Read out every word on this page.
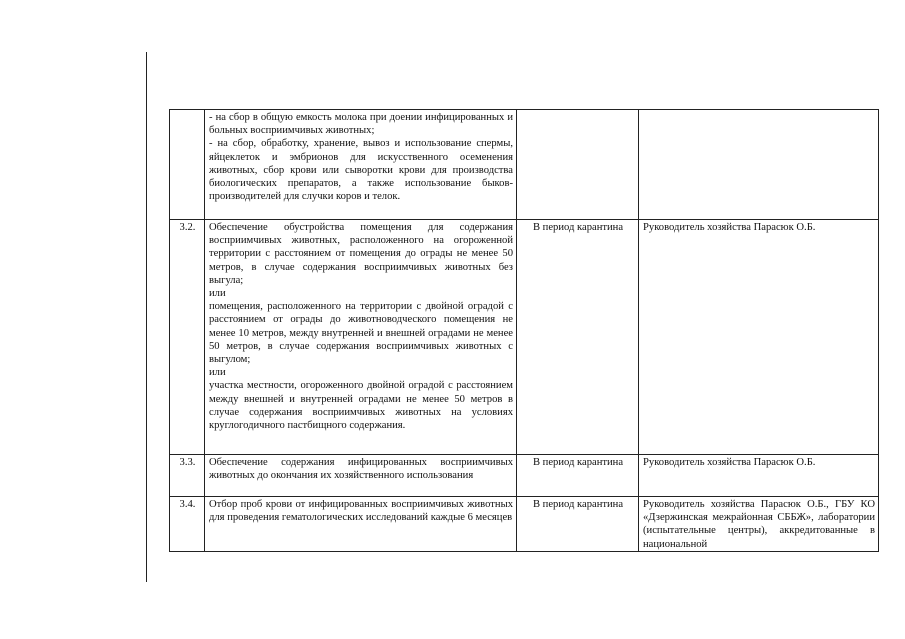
	- на сбор в общую емкость молока при доении инфицированных и больных восприимчивых животных;
- на сбор, обработку, хранение, вывоз и использование спермы, яйцеклеток и эмбрионов для искусственного осеменения животных, сбор крови или сыворотки крови для производства биологических препаратов, а также использование быков-производителей для случки коров и телок.		

3.2.	Обеспечение обустройства помещения для содержания восприимчивых животных, расположенного на огороженной территории с расстоянием от помещения до ограды не менее 50 метров, в случае содержания восприимчивых животных без выгула;
или
помещения, расположенного на территории с двойной оградой с расстоянием от ограды до животноводческого помещения не менее 10 метров, между внутренней и внешней оградами не менее 50 метров, в случае содержания восприимчивых животных с выгулом;
или
участка местности, огороженного двойной оградой с расстоянием между внешней и внутренней оградами не менее 50 метров в случае содержания восприимчивых животных на условиях круглогодичного пастбищного содержания.	В период карантина	Руководитель хозяйства Парасюк О.Б.
3.3.	Обеспечение содержания инфицированных восприимчивых животных до окончания их хозяйственного использования	В период карантина	Руководитель хозяйства Парасюк О.Б.
3.4.	Отбор проб крови от инфицированных восприимчивых животных для проведения гематологических исследований каждые 6 месяцев	В период карантина	Руководитель хозяйства Парасюк О.Б., ГБУ КО «Дзержинская межрайонная СББЖ», лаборатории (испытательные центры), аккредитованные в национальной
